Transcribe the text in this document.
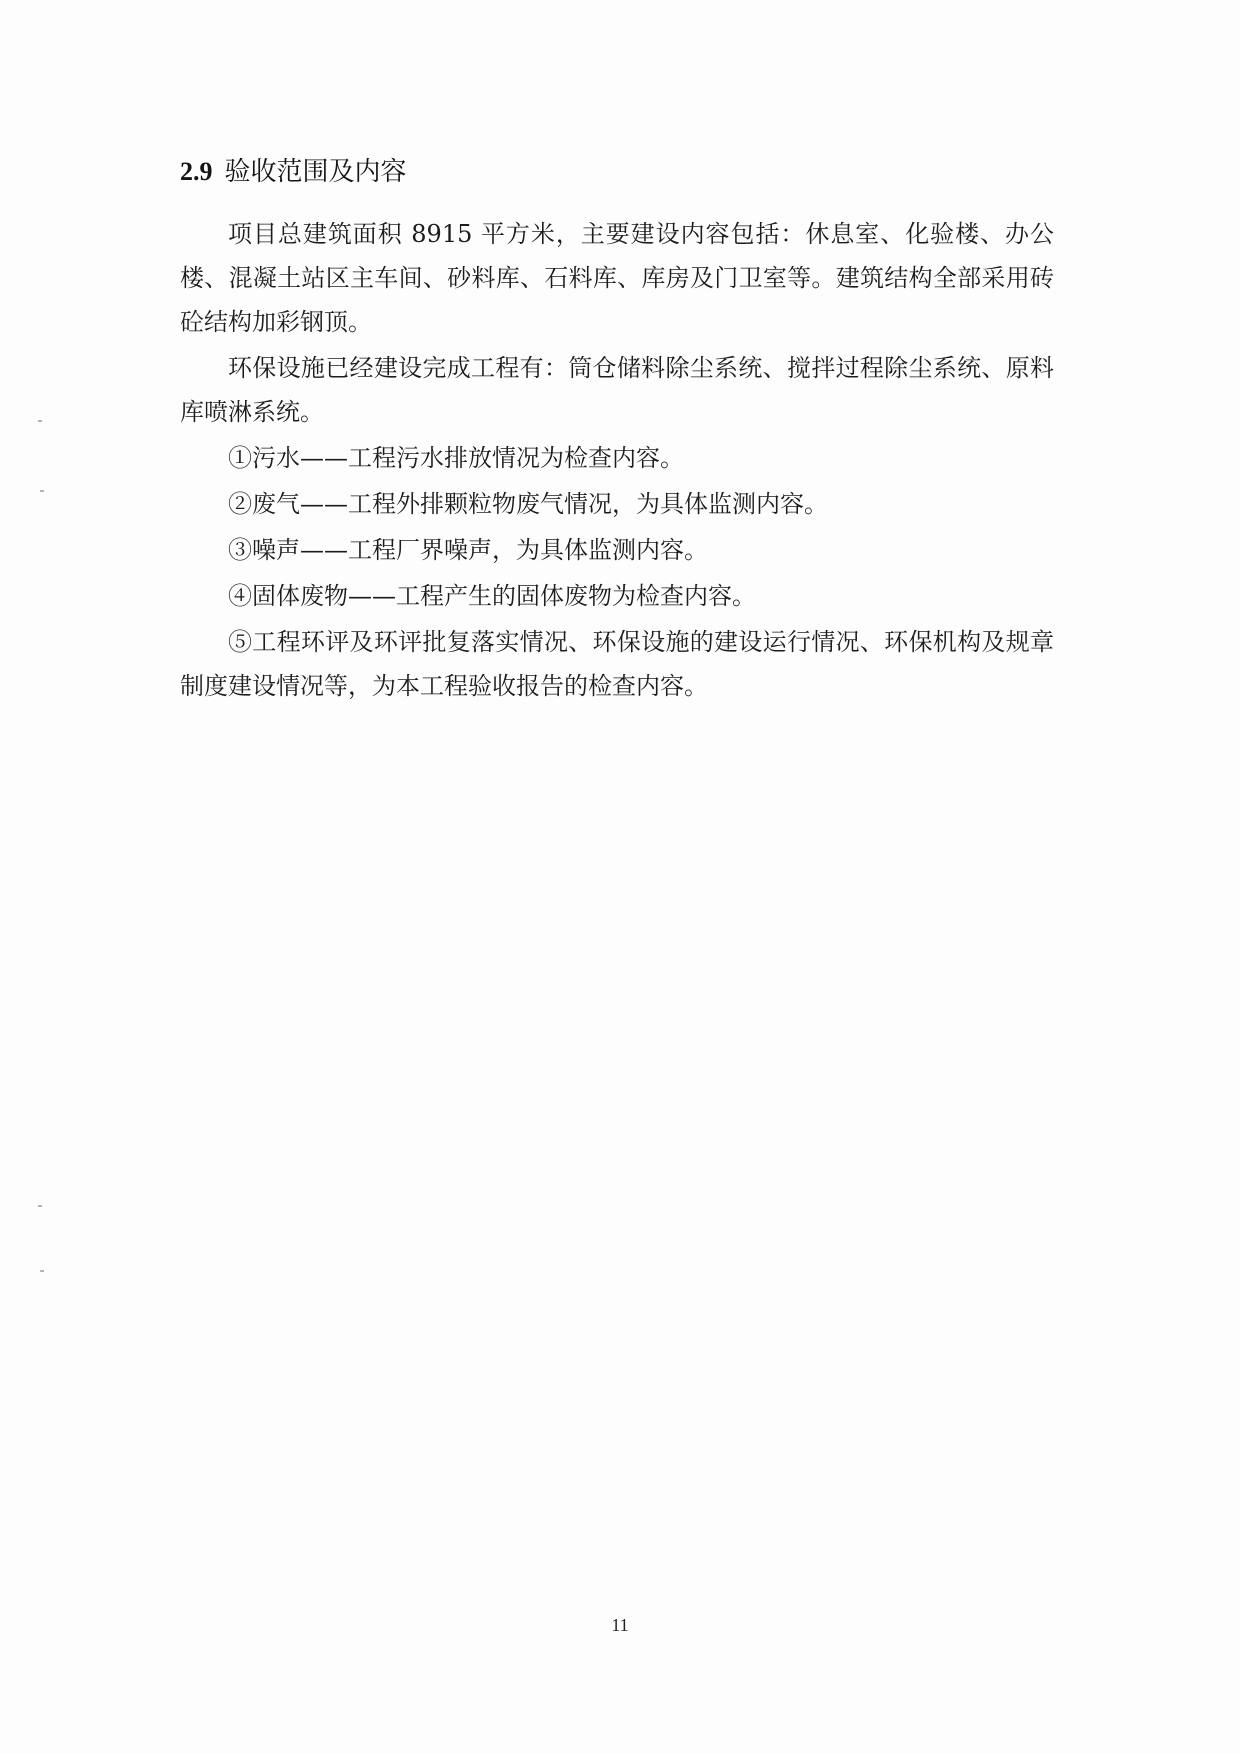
2.9 验收范围及内容

项目总建筑面积 8915 平方米，主要建设内容包括：休息室、化验楼、办公楼、混凝土站区主车间、砂料库、石料库、库房及门卫室等。建筑结构全部采用砖砼结构加彩钢顶。

环保设施已经建设完成工程有：筒仓储料除尘系统、搅拌过程除尘系统、原料库喷淋系统。

①污水——工程污水排放情况为检查内容。

②废气——工程外排颗粒物废气情况，为具体监测内容。

③噪声——工程厂界噪声，为具体监测内容。

④固体废物——工程产生的固体废物为检查内容。

⑤工程环评及环评批复落实情况、环保设施的建设运行情况、环保机构及规章制度建设情况等，为本工程验收报告的检查内容。

11
